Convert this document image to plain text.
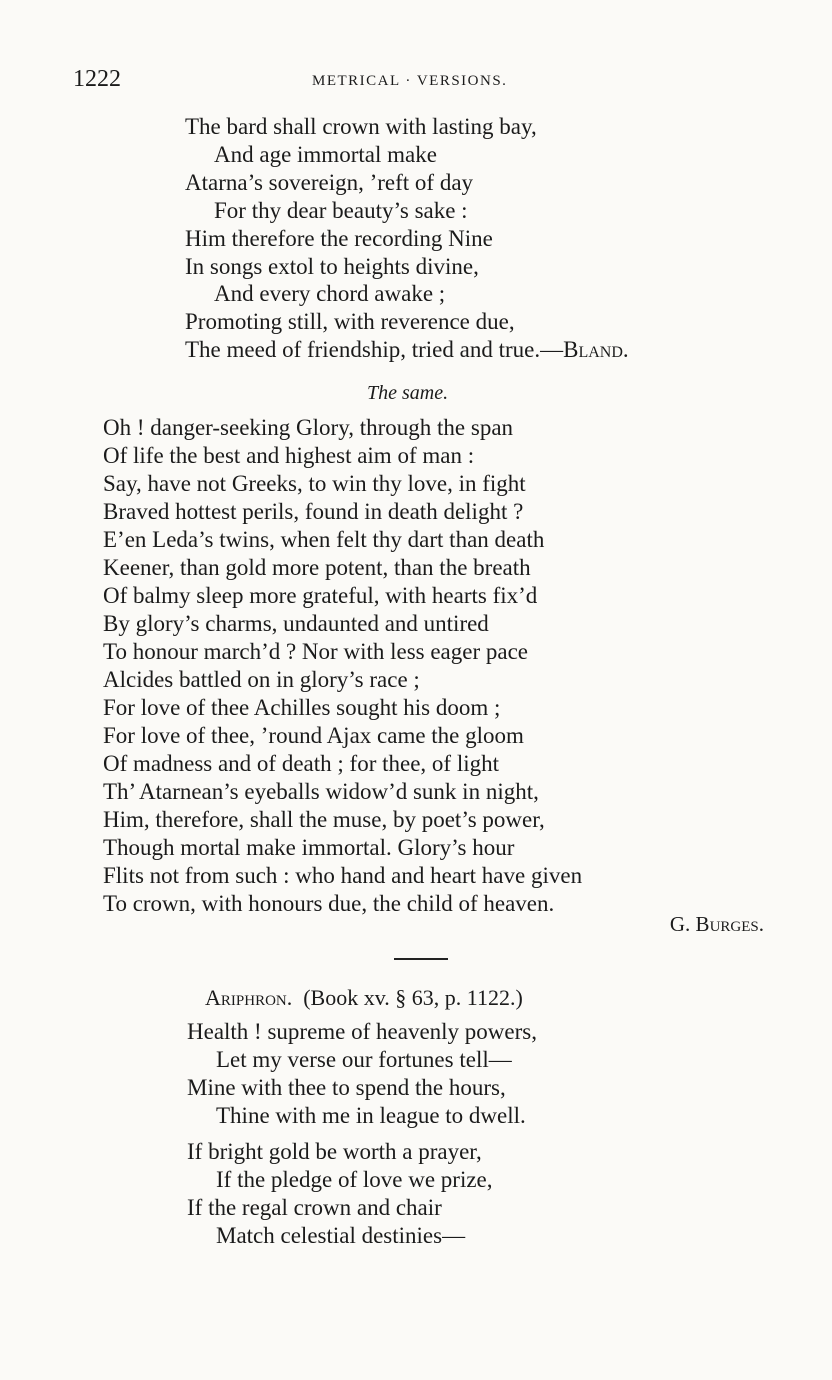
1222	METRICAL · VERSIONS.
The bard shall crown with lasting bay,
And age immortal make
Atarna’s sovereign, ’reft of day
For thy dear beauty’s sake :
Him therefore the recording Nine
In songs extol to heights divine,
And every chord awake ;
Promoting still, with reverence due,
The meed of friendship, tried and true.—Bland.
The same.
Oh ! danger-seeking Glory, through the span
Of life the best and highest aim of man :
Say, have not Greeks, to win thy love, in fight
Braved hottest perils, found in death delight ?
E’en Leda’s twins, when felt thy dart than death
Keener, than gold more potent, than the breath
Of balmy sleep more grateful, with hearts fix’d
By glory’s charms, undaunted and untired
To honour march’d ? Nor with less eager pace
Alcides battled on in glory’s race ;
For love of thee Achilles sought his doom ;
For love of thee, ’round Ajax came the gloom
Of madness and of death ; for thee, of light
Th’ Atarnean’s eyeballs widow’d sunk in night,
Him, therefore, shall the muse, by poet’s power,
Though mortal make immortal. Glory’s hour
Flits not from such : who hand and heart have given
To crown, with honours due, the child of heaven.
G. Burges.
Ariphron. (Book xv. § 63, p. 1122.)
Health ! supreme of heavenly powers,
Let my verse our fortunes tell—
Mine with thee to spend the hours,
Thine with me in league to dwell.
If bright gold be worth a prayer,
If the pledge of love we prize,
If the regal crown and chair
Match celestial destinies—
